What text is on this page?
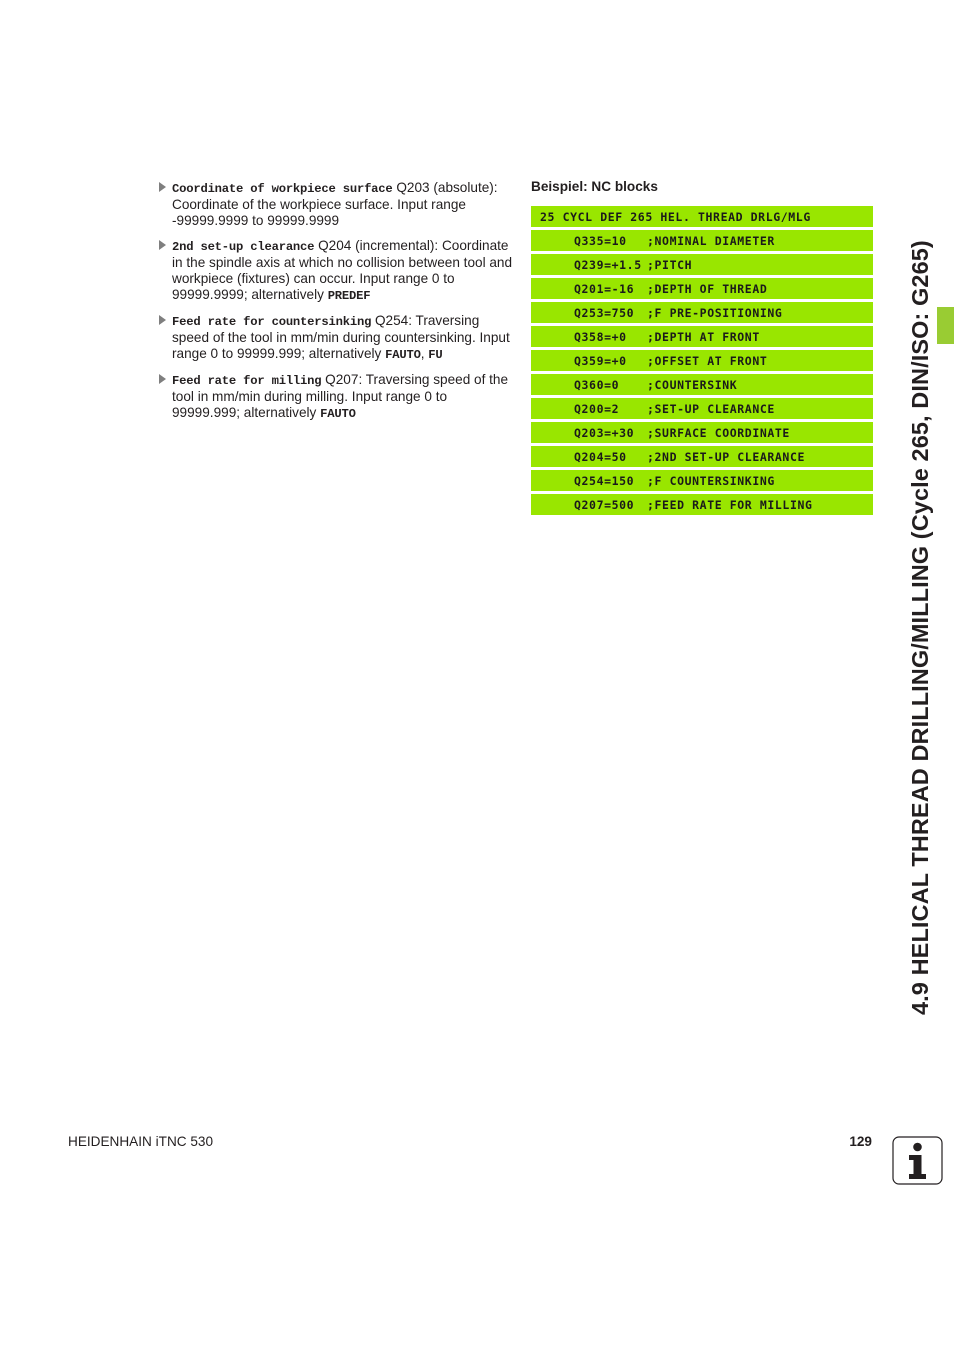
Coordinate of workpiece surface Q203 (absolute): Coordinate of the workpiece surface. Input range -99999.9999 to 99999.9999
2nd set-up clearance Q204 (incremental): Coordinate in the spindle axis at which no collision between tool and workpiece (fixtures) can occur. Input range 0 to 99999.9999; alternatively PREDEF
Feed rate for countersinking Q254: Traversing speed of the tool in mm/min during countersinking. Input range 0 to 99999.999; alternatively FAUTO, FU
Feed rate for milling Q207: Traversing speed of the tool in mm/min during milling. Input range 0 to 99999.999; alternatively FAUTO
Beispiel: NC blocks
25 CYCL DEF 265 HEL. THREAD DRLG/MLG
Q335=10 ;NOMINAL DIAMETER
Q239=+1.5 ;PITCH
Q201=-16 ;DEPTH OF THREAD
Q253=750 ;F PRE-POSITIONING
Q358=+0 ;DEPTH AT FRONT
Q359=+0 ;OFFSET AT FRONT
Q360=0 ;COUNTERSINK
Q200=2 ;SET-UP CLEARANCE
Q203=+30 ;SURFACE COORDINATE
Q204=50 ;2ND SET-UP CLEARANCE
Q254=150 ;F COUNTERSINKING
Q207=500 ;FEED RATE FOR MILLING	4.9 HELICAL THREAD DRILLING/MILLING (Cycle 265, DIN/ISO: G265)
HEIDENHAIN iTNC 530	129
